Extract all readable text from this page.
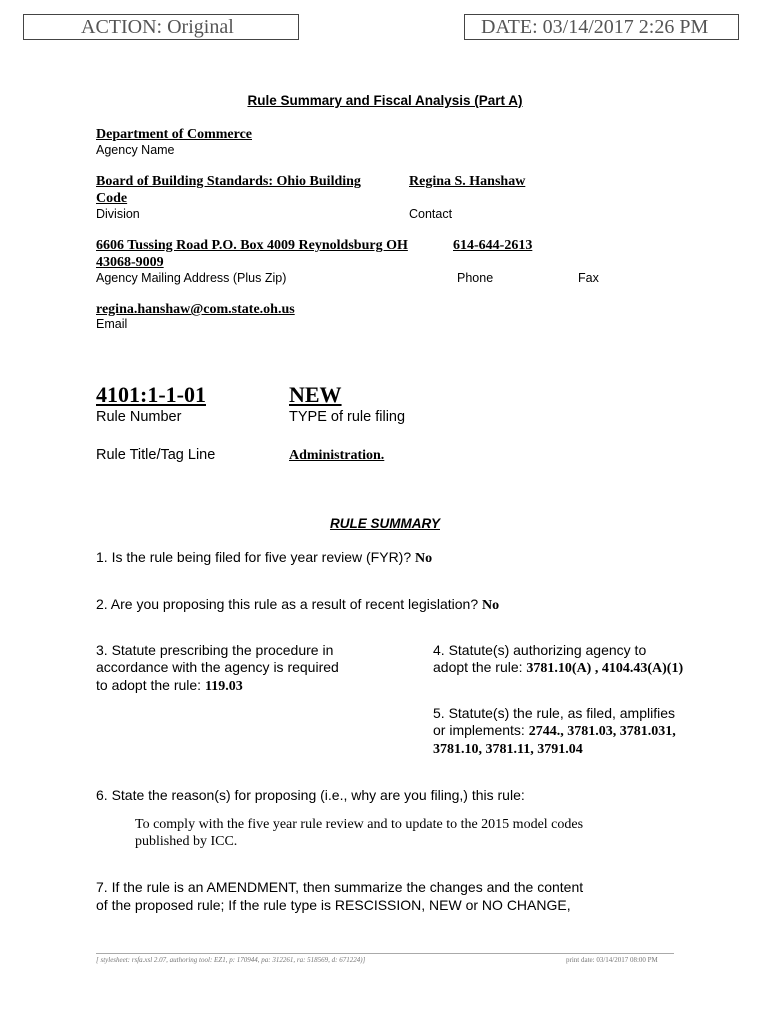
ACTION: Original	DATE: 03/14/2017 2:26 PM
Rule Summary and Fiscal Analysis (Part A)
Department of Commerce
Agency Name
Board of Building Standards: Ohio Building
Code
Division
Regina S. Hanshaw
Contact
6606 Tussing Road P.O. Box 4009 Reynoldsburg OH	614-644-2613
43068-9009
Agency Mailing Address (Plus Zip)	Phone	Fax
regina.hanshaw@com.state.oh.us
Email
4101:1-1-01	NEW
Rule Number	TYPE of rule filing
Rule Title/Tag Line	Administration.
RULE SUMMARY
1. Is the rule being filed for five year review (FYR)? No
2. Are you proposing this rule as a result of recent legislation? No
3. Statute prescribing the procedure in
accordance with the agency is required
to adopt the rule: 119.03
4. Statute(s) authorizing agency to
adopt the rule: 3781.10(A) , 4104.43(A)(1)
5. Statute(s) the rule, as filed, amplifies
or implements: 2744., 3781.03, 3781.031,
3781.10, 3781.11, 3791.04
6. State the reason(s) for proposing (i.e., why are you filing,) this rule:
To comply with the five year rule review and to update to the 2015 model codes
published by ICC.
7. If the rule is an AMENDMENT, then summarize the changes and the content
of the proposed rule; If the rule type is RESCISSION, NEW or NO CHANGE,
[ stylesheet: rsfa.xsl 2.07, authoring tool: EZ1, p: 170944, pa: 312261, ra: 518569, d: 671224)]	print date: 03/14/2017 08:00 PM
